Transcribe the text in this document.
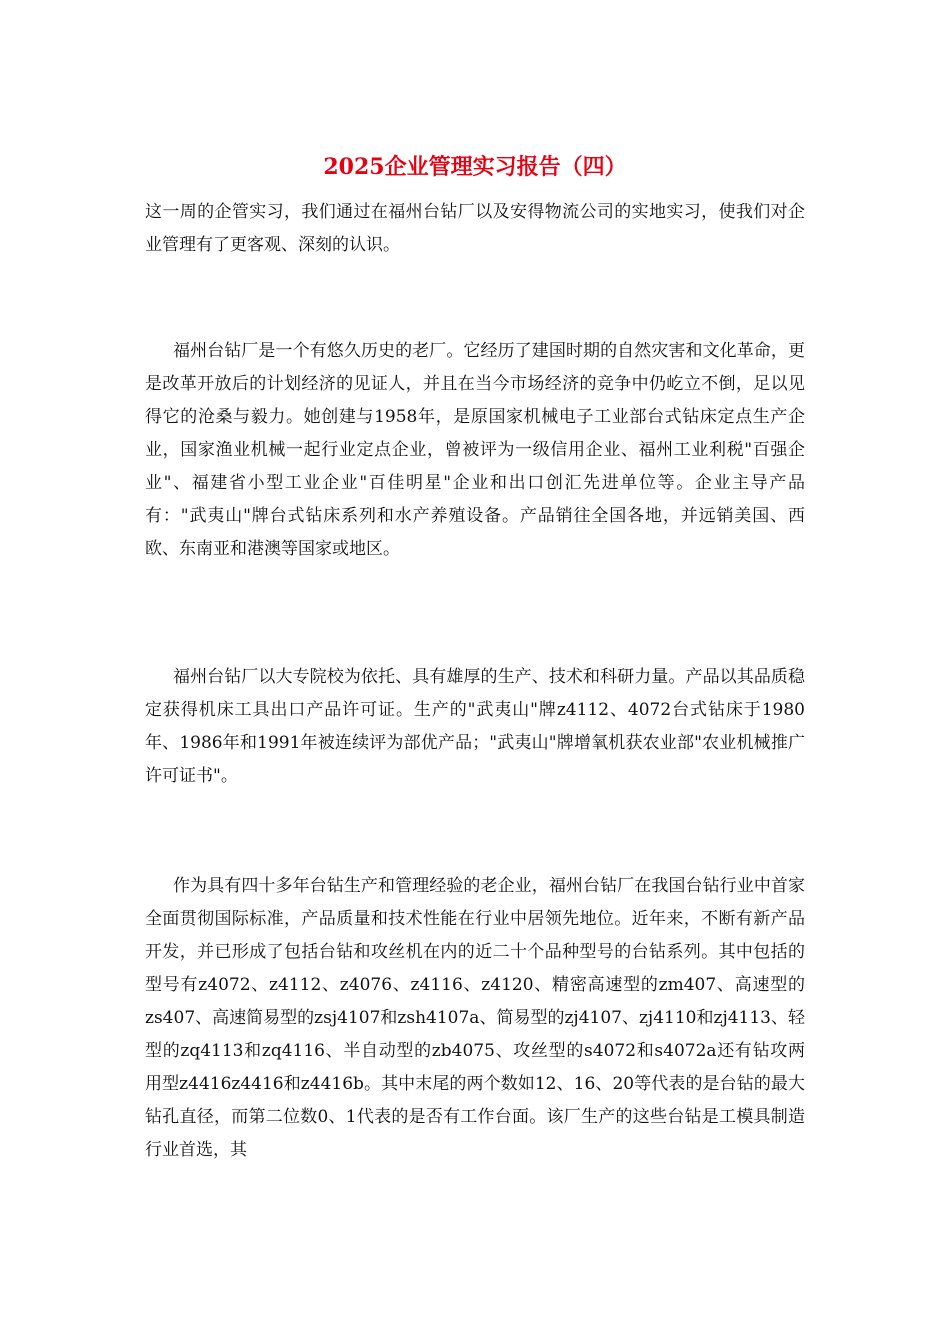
2025企业管理实习报告（四）

这一周的企管实习，我们通过在福州台钻厂以及安得物流公司的实地实习，使我们对企业管理有了更客观、深刻的认识。

福州台钻厂是一个有悠久历史的老厂。它经历了建国时期的自然灾害和文化革命，更是改革开放后的计划经济的见证人，并且在当今市场经济的竞争中仍屹立不倒，足以见得它的沧桑与毅力。她创建与1958年，是原国家机械电子工业部台式钻床定点生产企业，国家渔业机械一起行业定点企业，曾被评为一级信用企业、福州工业利税"百强企业"、福建省小型工业企业"百佳明星"企业和出口创汇先进单位等。企业主导产品有："武夷山"牌台式钻床系列和水产养殖设备。产品销往全国各地，并远销美国、西欧、东南亚和港澳等国家或地区。

福州台钻厂以大专院校为依托、具有雄厚的生产、技术和科研力量。产品以其品质稳定获得机床工具出口产品许可证。生产的"武夷山"牌z4112、4072台式钻床于1980年、1986年和1991年被连续评为部优产品；"武夷山"牌增氧机获农业部"农业机械推广许可证书"。

作为具有四十多年台钻生产和管理经验的老企业，福州台钻厂在我国台钻行业中首家全面贯彻国际标准，产品质量和技术性能在行业中居领先地位。近年来，不断有新产品开发，并已形成了包括台钻和攻丝机在内的近二十个品种型号的台钻系列。其中包括的型号有z4072、z4112、z4076、z4116、z4120、精密高速型的zm407、高速型的zs407、高速简易型的zsj4107和zsh4107a、简易型的zj4107、zj4110和zj4113、轻型的zq4113和zq4116、半自动型的zb4075、攻丝型的s4072和s4072a还有钻攻两用型z4416z4416和z4416b。其中末尾的两个数如12、16、20等代表的是台钻的最大钻孔直径，而第二位数0、1代表的是否有工作台面。该厂生产的这些台钻是工模具制造行业首选，其
